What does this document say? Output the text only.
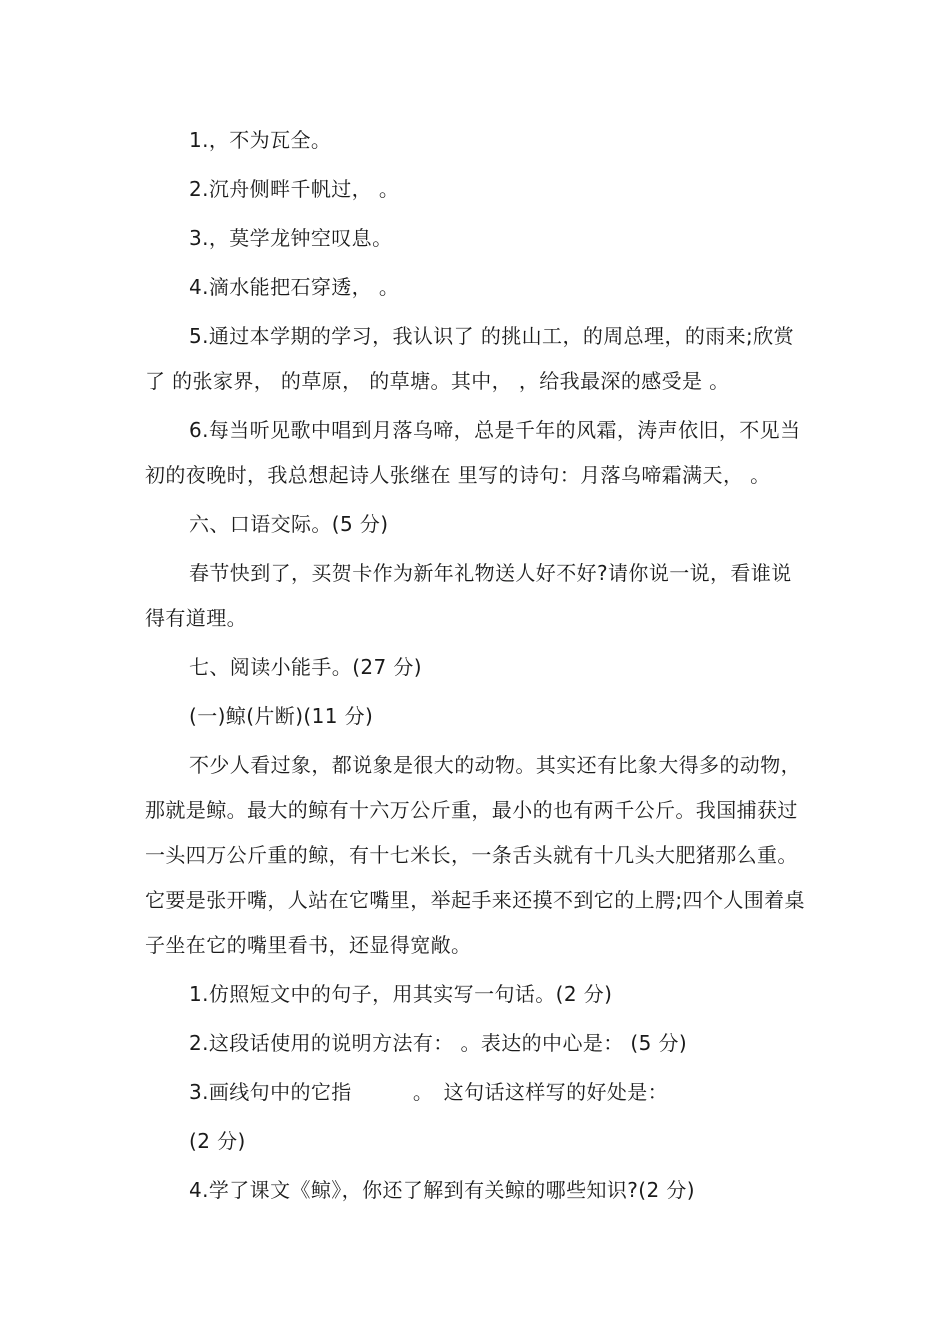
1.，不为瓦全。

2.沉舟侧畔千帆过， 。

3.，莫学龙钟空叹息。

4.滴水能把石穿透， 。

5.通过本学期的学习，我认识了 的挑山工，的周总理，的雨来;欣赏了 的张家界， 的草原， 的草塘。其中， ，给我最深的感受是 。

6.每当听见歌中唱到月落乌啼，总是千年的风霜，涛声依旧，不见当初的夜晚时，我总想起诗人张继在 里写的诗句：月落乌啼霜满天， 。

六、口语交际。(5 分)

春节快到了，买贺卡作为新年礼物送人好不好?请你说一说，看谁说得有道理。

七、阅读小能手。(27 分)

(一)鲸(片断)(11 分)

不少人看过象，都说象是很大的动物。其实还有比象大得多的动物，那就是鲸。最大的鲸有十六万公斤重，最小的也有两千公斤。我国捕获过一头四万公斤重的鲸，有十七米长，一条舌头就有十几头大肥猪那么重。它要是张开嘴，人站在它嘴里，举起手来还摸不到它的上腭;四个人围着桌子坐在它的嘴里看书，还显得宽敞。

1.仿照短文中的句子，用其实写一句话。(2 分)

2.这段话使用的说明方法有： 。表达的中心是： (5 分)

3.画线句中的它指　　　。　这句话这样写的好处是：

(2 分)

4.学了课文《鲸》，你还了解到有关鲸的哪些知识?(2 分)
